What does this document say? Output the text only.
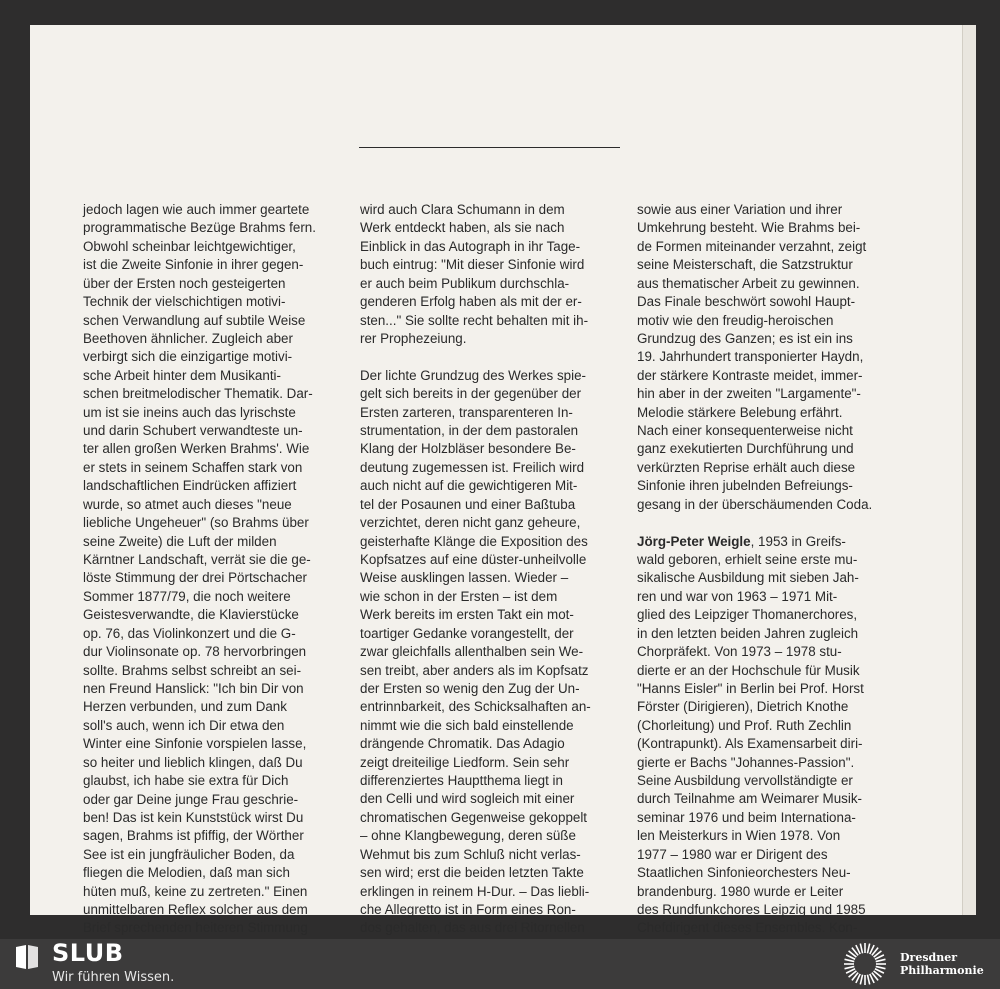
jedoch lagen wie auch immer geartete
programmatische Bezüge Brahms fern.
Obwohl scheinbar leichtgewichtiger,
ist die Zweite Sinfonie in ihrer gegen-
über der Ersten noch gesteigerten
Technik der vielschichtigen motivi-
schen Verwandlung auf subtile Weise
Beethoven ähnlicher. Zugleich aber
verbirgt sich die einzigartige motivi-
sche Arbeit hinter dem Musikanti-
schen breitmelodischer Thematik. Dar-
um ist sie ineins auch das lyrischste
und darin Schubert verwandteste un-
ter allen großen Werken Brahms'. Wie
er stets in seinem Schaffen stark von
landschaftlichen Eindrücken affiziert
wurde, so atmet auch dieses "neue
liebliche Ungeheuer" (so Brahms über
seine Zweite) die Luft der milden
Kärntner Landschaft, verrät sie die ge-
löste Stimmung der drei Pörtschacher
Sommer 1877/79, die noch weitere
Geistesverwandte, die Klavierstücke
op. 76, das Violinkonzert und die G-
dur Violinsonate op. 78 hervorbringen
sollte. Brahms selbst schreibt an sei-
nen Freund Hanslick: "Ich bin Dir von
Herzen verbunden, und zum Dank
soll's auch, wenn ich Dir etwa den
Winter eine Sinfonie vorspielen lasse,
so heiter und lieblich klingen, daß Du
glaubst, ich habe sie extra für Dich
oder gar Deine junge Frau geschrie-
ben! Das ist kein Kunststück wirst Du
sagen, Brahms ist pfiffig, der Wörther
See ist ein jungfräulicher Boden, da
fliegen die Melodien, daß man sich
hüten muß, keine zu zertreten." Einen
unmittelbaren Reflex solcher aus dem
Brief sprechenden heiteren Stimmung

wird auch Clara Schumann in dem
Werk entdeckt haben, als sie nach
Einblick in das Autograph in ihr Tage-
buch eintrug: "Mit dieser Sinfonie wird
er auch beim Publikum durchschla-
genderen Erfolg haben als mit der er-
sten..." Sie sollte recht behalten mit ih-
rer Prophezeiung.

Der lichte Grundzug des Werkes spie-
gelt sich bereits in der gegenüber der
Ersten zarteren, transparenteren In-
strumentation, in der dem pastoralen
Klang der Holzbläser besondere Be-
deutung zugemessen ist. Freilich wird
auch nicht auf die gewichtigeren Mit-
tel der Posaunen und einer Baßtuba
verzichtet, deren nicht ganz geheure,
geisterhafte Klänge die Exposition des
Kopfsatzes auf eine düster-unheilvolle
Weise ausklingen lassen. Wieder –
wie schon in der Ersten – ist dem
Werk bereits im ersten Takt ein mot-
toartiger Gedanke vorangestellt, der
zwar gleichfalls allenthalben sein We-
sen treibt, aber anders als im Kopfsatz
der Ersten so wenig den Zug der Un-
entrinnbarkeit, des Schicksalhaften an-
nimmt wie die sich bald einstellende
drängende Chromatik. Das Adagio
zeigt dreiteilige Liedform. Sein sehr
differenziertes Hauptthema liegt in
den Celli und wird sogleich mit einer
chromatischen Gegenweise gekoppelt
– ohne Klangbewegung, deren süße
Wehmut bis zum Schluß nicht verlas-
sen wird; erst die beiden letzten Takte
erklingen in reinem H-Dur. – Das liebli-
che Allegretto ist in Form eines Ron-
dos gehalten, das aus drei Ritornellen

sowie aus einer Variation und ihrer
Umkehrung besteht. Wie Brahms bei-
de Formen miteinander verzahnt, zeigt
seine Meisterschaft, die Satzstruktur
aus thematischer Arbeit zu gewinnen.
Das Finale beschwört sowohl Haupt-
motiv wie den freudig-heroischen
Grundzug des Ganzen; es ist ein ins
19. Jahrhundert transponierter Haydn,
der stärkere Kontraste meidet, immer-
hin aber in der zweiten "Largamente"-
Melodie stärkere Belebung erfährt.
Nach einer konsequenterweise nicht
ganz exekutierten Durchführung und
verkürzten Reprise erhält auch diese
Sinfonie ihren jubelnden Befreiungs-
gesang in der überschäumenden Coda.

Jörg-Peter Weigle, 1953 in Greifs-
wald geboren, erhielt seine erste mu-
sikalische Ausbildung mit sieben Jah-
ren und war von 1963 – 1971 Mit-
glied des Leipziger Thomanerchores,
in den letzten beiden Jahren zugleich
Chorpräfekt. Von 1973 – 1978 stu-
dierte er an der Hochschule für Musik
"Hanns Eisler" in Berlin bei Prof. Horst
Förster (Dirigieren), Dietrich Knothe
(Chorleitung) und Prof. Ruth Zechlin
(Kontrapunkt). Als Examensarbeit diri-
gierte er Bachs "Johannes-Passion".
Seine Ausbildung vervollständigte er
durch Teilnahme am Weimarer Musik-
seminar 1976 und beim Internationa-
len Meisterkurs in Wien 1978. Von
1977 – 1980 war er Dirigent des
Staatlichen Sinfonieorchesters Neu-
brandenburg. 1980 wurde er Leiter
des Rundfunkchores Leipzig und 1985
Chefdirigent dieses Ensembles. Kon-

SLUB
Wir führen Wissen.
Dresdner
Philharmonie
